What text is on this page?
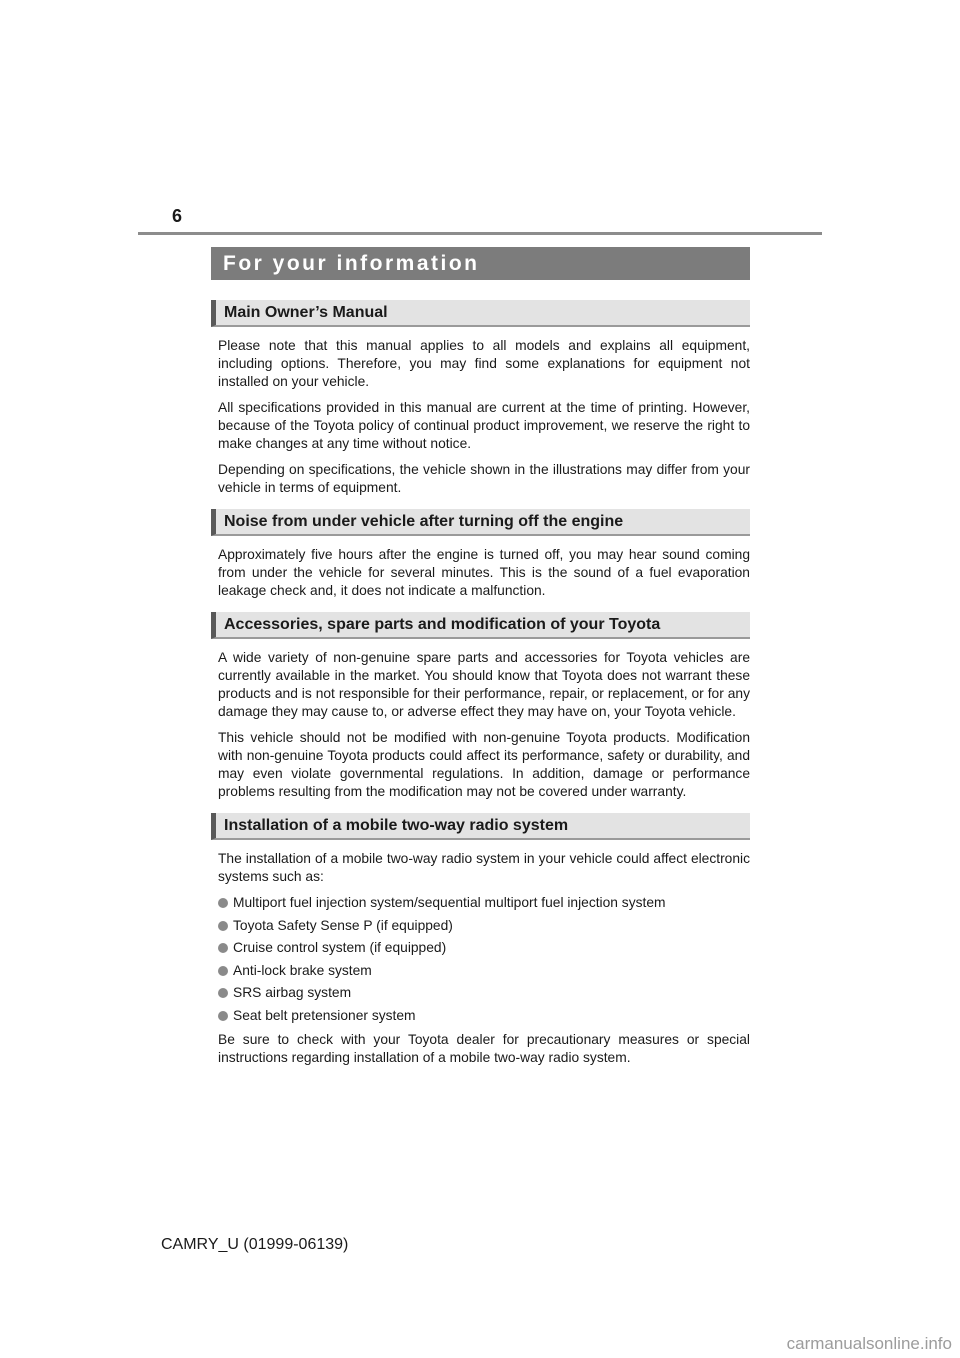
6
For your information
Main Owner’s Manual

Please note that this manual applies to all models and explains all equipment, including options. Therefore, you may find some explanations for equipment not installed on your vehicle.

All specifications provided in this manual are current at the time of printing. However, because of the Toyota policy of continual product improvement, we reserve the right to make changes at any time without notice.

Depending on specifications, the vehicle shown in the illustrations may differ from your vehicle in terms of equipment.

Noise from under vehicle after turning off the engine

Approximately five hours after the engine is turned off, you may hear sound coming from under the vehicle for several minutes. This is the sound of a fuel evaporation leakage check and, it does not indicate a malfunction.

Accessories, spare parts and modification of your Toyota

A wide variety of non-genuine spare parts and accessories for Toyota vehicles are currently available in the market. You should know that Toyota does not warrant these products and is not responsible for their performance, repair, or replacement, or for any damage they may cause to, or adverse effect they may have on, your Toyota vehicle.

This vehicle should not be modified with non-genuine Toyota products. Modification with non-genuine Toyota products could affect its performance, safety or durability, and may even violate governmental regulations. In addition, damage or performance problems resulting from the modification may not be covered under warranty.

Installation of a mobile two-way radio system

The installation of a mobile two-way radio system in your vehicle could affect electronic systems such as:

Multiport fuel injection system/sequential multiport fuel injection system
Toyota Safety Sense P (if equipped)
Cruise control system (if equipped)
Anti-lock brake system
SRS airbag system
Seat belt pretensioner system

Be sure to check with your Toyota dealer for precautionary measures or special instructions regarding installation of a mobile two-way radio system.

CAMRY_U (01999-06139)
carmanualsonline.info
